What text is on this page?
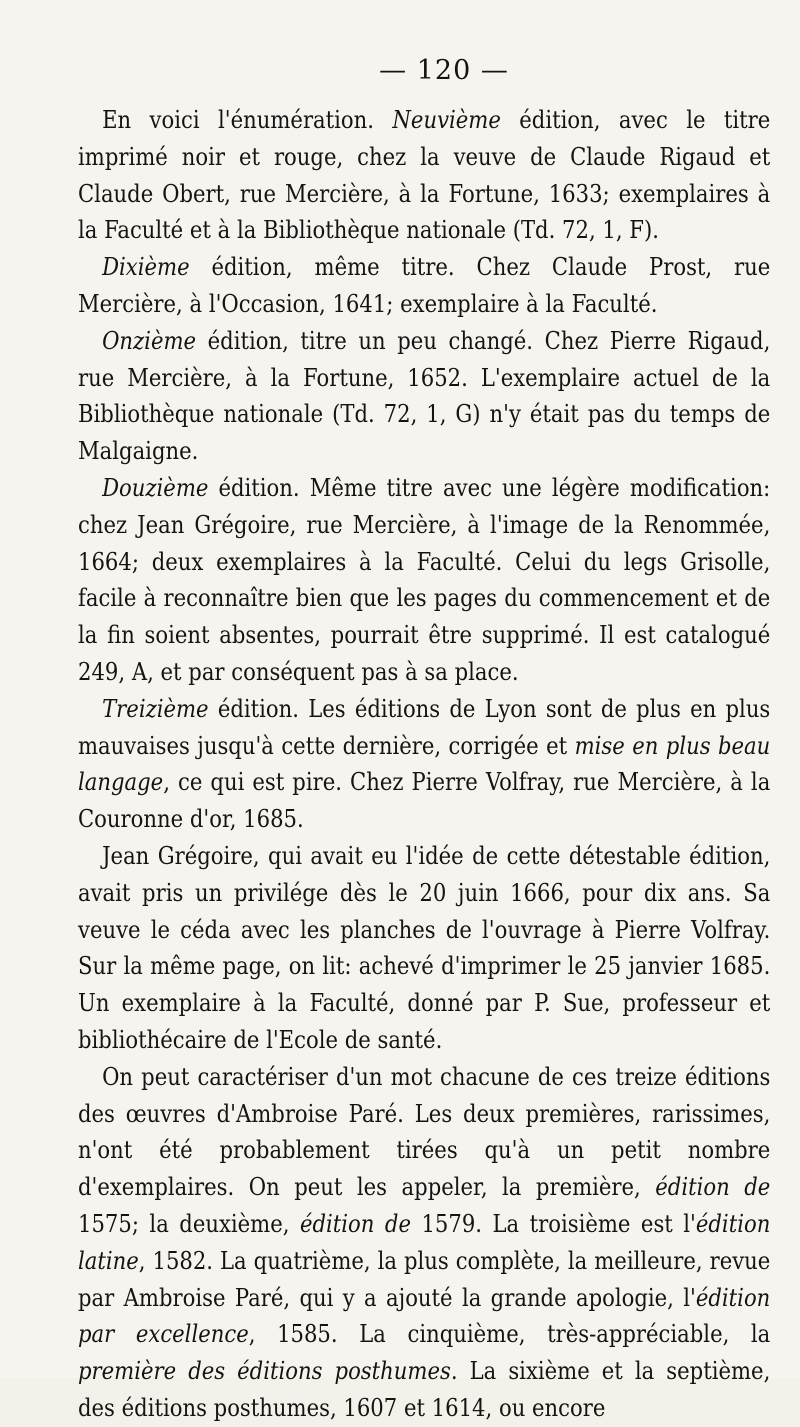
— 120 —

En voici l'énumération. Neuvième édition, avec le titre imprimé noir et rouge, chez la veuve de Claude Rigaud et Claude Obert, rue Mercière, à la Fortune, 1633; exemplaires à la Faculté et à la Bibliothèque nationale (Td. 72, 1, F).

Dixième édition, même titre. Chez Claude Prost, rue Mercière, à l'Occasion, 1641; exemplaire à la Faculté.

Onzième édition, titre un peu changé. Chez Pierre Rigaud, rue Mercière, à la Fortune, 1652. L'exemplaire actuel de la Bibliothèque nationale (Td. 72, 1, G) n'y était pas du temps de Malgaigne.

Douzième édition. Même titre avec une légère modification: chez Jean Grégoire, rue Mercière, à l'image de la Renommée, 1664; deux exemplaires à la Faculté. Celui du legs Grisolle, facile à reconnaître bien que les pages du commencement et de la fin soient absentes, pourrait être supprimé. Il est catalogué 249, A, et par conséquent pas à sa place.

Treizième édition. Les éditions de Lyon sont de plus en plus mauvaises jusqu'à cette dernière, corrigée et mise en plus beau langage, ce qui est pire. Chez Pierre Volfray, rue Mercière, à la Couronne d'or, 1685.

Jean Grégoire, qui avait eu l'idée de cette détestable édition, avait pris un privilége dès le 20 juin 1666, pour dix ans. Sa veuve le céda avec les planches de l'ouvrage à Pierre Volfray. Sur la même page, on lit: achevé d'imprimer le 25 janvier 1685. Un exemplaire à la Faculté, donné par P. Sue, professeur et bibliothécaire de l'Ecole de santé.

On peut caractériser d'un mot chacune de ces treize éditions des œuvres d'Ambroise Paré. Les deux premières, rarissimes, n'ont été probablement tirées qu'à un petit nombre d'exemplaires. On peut les appeler, la première, édition de 1575; la deuxième, édition de 1579. La troisième est l'édition latine, 1582. La quatrième, la plus complète, la meilleure, revue par Ambroise Paré, qui y a ajouté la grande apologie, l'édition par excellence, 1585. La cinquième, très-appréciable, la première des éditions posthumes. La sixième et la septième, des éditions posthumes, 1607 et 1614, ou encore
